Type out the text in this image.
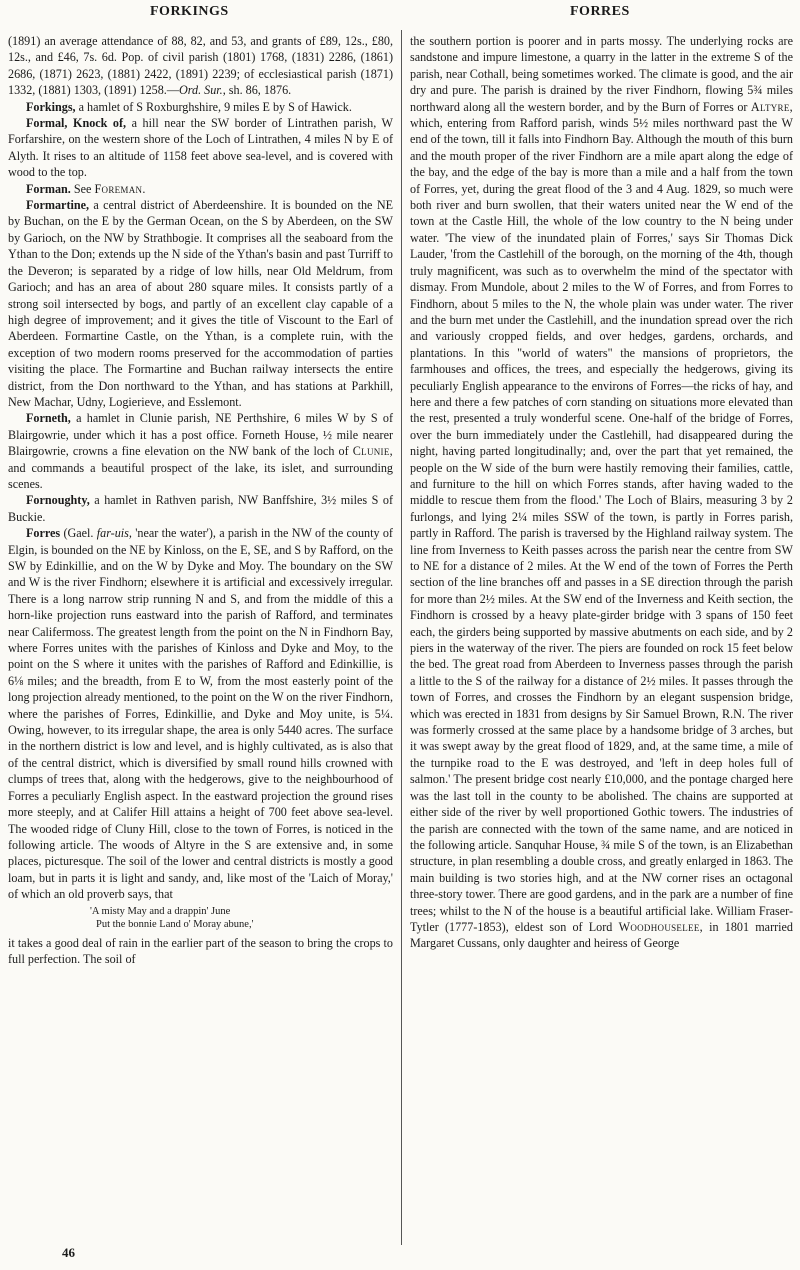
FORKINGS	FORRES

(1891) an average attendance of 88, 82, and 53, and grants of £89, 12s., £80, 12s., and £46, 7s. 6d. Pop. of civil parish (1801) 1768, (1831) 2286, (1861) 2686, (1871) 2623, (1881) 2422, (1891) 2239; of ecclesiastical parish (1871) 1332, (1881) 1303, (1891) 1258.—Ord. Sur., sh. 86, 1876.

Forkings, a hamlet of S Roxburghshire, 9 miles E by S of Hawick.

Formal, Knock of, a hill near the SW border of Lintrathen parish, W Forfarshire, on the western shore of the Loch of Lintrathen, 4 miles N by E of Alyth. It rises to an altitude of 1158 feet above sea-level, and is covered with wood to the top.

Forman. See Foreman.

Formartine, a central district of Aberdeenshire. It is bounded on the NE by Buchan, on the E by the German Ocean, on the S by Aberdeen, on the SW by Garioch, on the NW by Strathbogie. It comprises all the seaboard from the Ythan to the Don; extends up the N side of the Ythan's basin and past Turriff to the Deveron; is separated by a ridge of low hills, near Old Meldrum, from Garioch; and has an area of about 280 square miles. It consists partly of a strong soil intersected by bogs, and partly of an excellent clay capable of a high degree of improvement; and it gives the title of Viscount to the Earl of Aberdeen. Formartine Castle, on the Ythan, is a complete ruin, with the exception of two modern rooms preserved for the accommodation of parties visiting the place. The Formartine and Buchan railway intersects the entire district, from the Don northward to the Ythan, and has stations at Parkhill, New Machar, Udny, Logierieve, and Esslemont.

Forneth, a hamlet in Clunie parish, NE Perthshire, 6 miles W by S of Blairgowrie, under which it has a post office. Forneth House, ½ mile nearer Blairgowrie, crowns a fine elevation on the NW bank of the loch of Clunie, and commands a beautiful prospect of the lake, its islet, and surrounding scenes.

Fornoughty, a hamlet in Rathven parish, NW Banffshire, 3½ miles S of Buckie.

Forres (Gael. far-uis, 'near the water'), a parish in the NW of the county of Elgin, is bounded on the NE by Kinloss, on the E, SE, and S by Rafford, on the SW by Edinkillie, and on the W by Dyke and Moy. The boundary on the SW and W is the river Findhorn; elsewhere it is artificial and excessively irregular. There is a long narrow strip running N and S, and from the middle of this a horn-like projection runs eastward into the parish of Rafford, and terminates near Califermoss. The greatest length from the point on the N in Findhorn Bay, where Forres unites with the parishes of Kinloss and Dyke and Moy, to the point on the S where it unites with the parishes of Rafford and Edinkillie, is 6⅛ miles; and the breadth, from E to W, from the most easterly point of the long projection already mentioned, to the point on the W on the river Findhorn, where the parishes of Forres, Edinkillie, and Dyke and Moy unite, is 5¼. Owing, however, to its irregular shape, the area is only 5440 acres. The surface in the northern district is low and level, and is highly cultivated, as is also that of the central district, which is diversified by small round hills crowned with clumps of trees that, along with the hedgerows, give to the neighbourhood of Forres a peculiarly English aspect. In the eastward projection the ground rises more steeply, and at Califer Hill attains a height of 700 feet above sea-level. The wooded ridge of Cluny Hill, close to the town of Forres, is noticed in the following article. The woods of Altyre in the S are extensive and, in some places, picturesque. The soil of the lower and central districts is mostly a good loam, but in parts it is light and sandy, and, like most of the 'Laich of Moray,' of which an old proverb says, that

'A misty May and a drappin' June
Put the bonnie Land o' Moray abune,'

it takes a good deal of rain in the earlier part of the season to bring the crops to full perfection. The soil of

the southern portion is poorer and in parts mossy. The underlying rocks are sandstone and impure limestone, a quarry in the latter in the extreme S of the parish, near Cothall, being sometimes worked. The climate is good, and the air dry and pure. The parish is drained by the river Findhorn, flowing 5¾ miles northward along all the western border, and by the Burn of Forres or Altyre, which, entering from Rafford parish, winds 5½ miles northward past the W end of the town, till it falls into Findhorn Bay. Although the mouth of this burn and the mouth proper of the river Findhorn are a mile apart along the edge of the bay, and the edge of the bay is more than a mile and a half from the town of Forres, yet, during the great flood of the 3 and 4 Aug. 1829, so much were both river and burn swollen, that their waters united near the W end of the town at the Castle Hill, the whole of the low country to the N being under water. 'The view of the inundated plain of Forres,' says Sir Thomas Dick Lauder, 'from the Castlehill of the borough, on the morning of the 4th, though truly magnificent, was such as to overwhelm the mind of the spectator with dismay. From Mundole, about 2 miles to the W of Forres, and from Forres to Findhorn, about 5 miles to the N, the whole plain was under water. The river and the burn met under the Castlehill, and the inundation spread over the rich and variously cropped fields, and over hedges, gardens, orchards, and plantations. In this "world of waters" the mansions of proprietors, the farmhouses and offices, the trees, and especially the hedgerows, giving its peculiarly English appearance to the environs of Forres—the ricks of hay, and here and there a few patches of corn standing on situations more elevated than the rest, presented a truly wonderful scene. One-half of the bridge of Forres, over the burn immediately under the Castlehill, had disappeared during the night, having parted longitudinally; and, over the part that yet remained, the people on the W side of the burn were hastily removing their families, cattle, and furniture to the hill on which Forres stands, after having waded to the middle to rescue them from the flood.' The Loch of Blairs, measuring 3 by 2 furlongs, and lying 2¼ miles SSW of the town, is partly in Forres parish, partly in Rafford. The parish is traversed by the Highland railway system. The line from Inverness to Keith passes across the parish near the centre from SW to NE for a distance of 2 miles. At the W end of the town of Forres the Perth section of the line branches off and passes in a SE direction through the parish for more than 2½ miles. At the SW end of the Inverness and Keith section, the Findhorn is crossed by a heavy plate-girder bridge with 3 spans of 150 feet each, the girders being supported by massive abutments on each side, and by 2 piers in the waterway of the river. The piers are founded on rock 15 feet below the bed. The great road from Aberdeen to Inverness passes through the parish a little to the S of the railway for a distance of 2½ miles. It passes through the town of Forres, and crosses the Findhorn by an elegant suspension bridge, which was erected in 1831 from designs by Sir Samuel Brown, R.N. The river was formerly crossed at the same place by a handsome bridge of 3 arches, but it was swept away by the great flood of 1829, and, at the same time, a mile of the turnpike road to the E was destroyed, and 'left in deep holes full of salmon.' The present bridge cost nearly £10,000, and the pontage charged here was the last toll in the county to be abolished. The chains are supported at either side of the river by well proportioned Gothic towers. The industries of the parish are connected with the town of the same name, and are noticed in the following article. Sanquhar House, ¾ mile S of the town, is an Elizabethan structure, in plan resembling a double cross, and greatly enlarged in 1863. The main building is two stories high, and at the NW corner rises an octagonal three-story tower. There are good gardens, and in the park are a number of fine trees; whilst to the N of the house is a beautiful artificial lake. William Fraser-Tytler (1777-1853), eldest son of Lord Woodhouselee, in 1801 married Margaret Cussans, only daughter and heiress of George

46
